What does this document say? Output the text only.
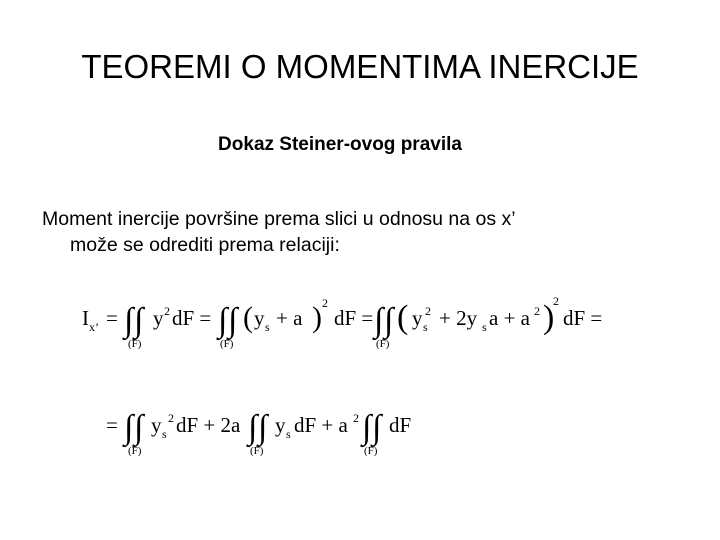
TEOREMI O MOMENTIMA INERCIJE
Dokaz Steiner-ovog pravila
Moment inercije površine prema slici u odnosu na os x’
može se odrediti prema relaciji:
I x’ = ∫ ∫
(F)
y 2 dF = ∫ ∫
(F)
( y s + a ) 2
dF = ∫ ∫
(F)
( y s
2 + 2y s a + a 2 )
2
dF =
= ∫ ∫
(F)
y s
2 dF + 2a ∫ ∫
(F)
y s dF + a 2 ∫ ∫
(F)
dF
